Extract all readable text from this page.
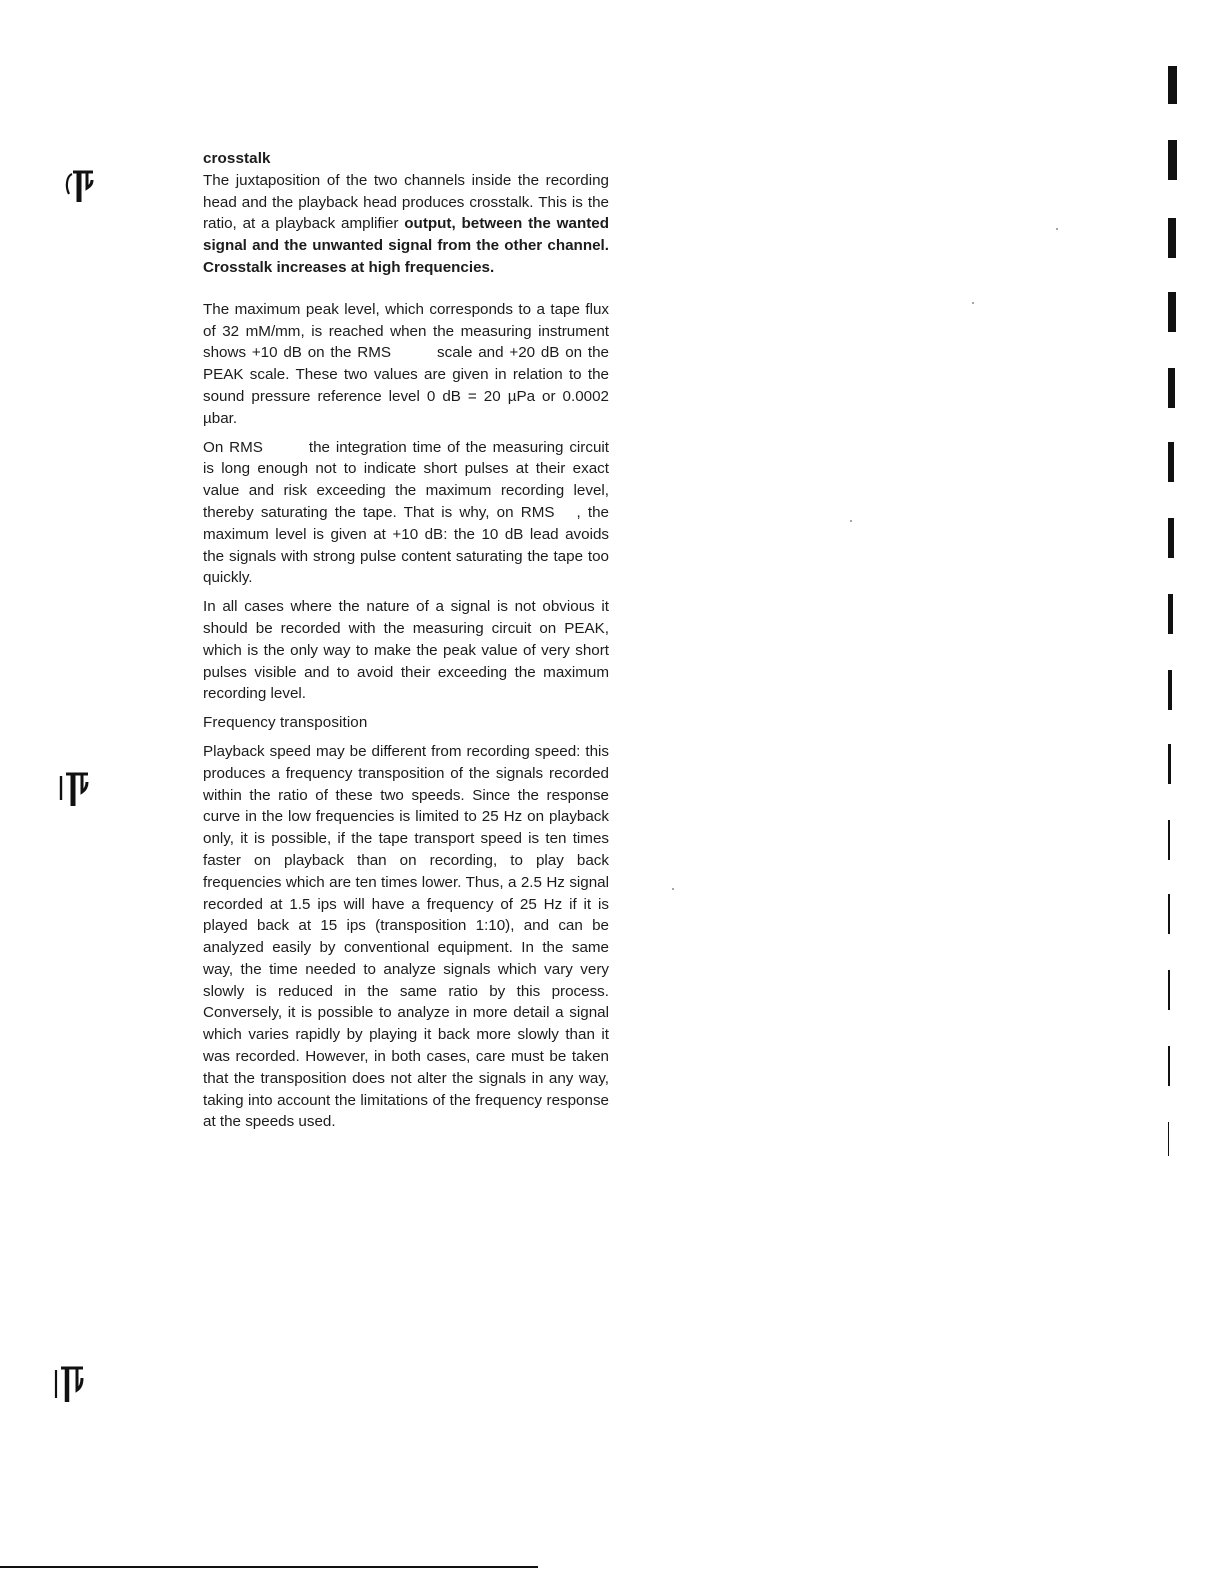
crosstalk

The juxtaposition of the two channels inside the recording head and the playback head produces crosstalk. This is the ratio, at a playback amplifier output, between the wanted signal and the unwanted signal from the other channel. Crosstalk increases at high frequencies.

The maximum peak level, which corresponds to a tape flux of 32 mM/mm, is reached when the measuring instrument shows +10 dB on the RMS	scale and +20 dB on the PEAK scale. These two values are given in relation to the sound pressure reference level 0 dB = 20 µPa or 0.0002 µbar.

On RMS	the integration time of the measuring circuit is long enough not to indicate short pulses at their exact value and risk exceeding the maximum recording level, thereby saturating the tape. That is why, on RMS , the maximum level is given at +10 dB: the 10 dB lead avoids the signals with strong pulse content saturating the tape too quickly.

In all cases where the nature of a signal is not obvious it should be recorded with the measuring circuit on PEAK, which is the only way to make the peak value of very short pulses visible and to avoid their exceeding the maximum recording level.

Frequency transposition

Playback speed may be different from recording speed: this produces a frequency transposition of the signals recorded within the ratio of these two speeds. Since the response curve in the low frequencies is limited to 25 Hz on playback only, it is possible, if the tape transport speed is ten times faster on playback than on recording, to play back frequencies which are ten times lower. Thus, a 2.5 Hz signal recorded at 1.5 ips will have a frequency of 25 Hz if it is played back at 15 ips (transposition 1:10), and can be analyzed easily by conventional equipment. In the same way, the time needed to analyze signals which vary very slowly is reduced in the same ratio by this process. Conversely, it is possible to analyze in more detail a signal which varies rapidly by playing it back more slowly than it was recorded. However, in both cases, care must be taken that the transposition does not alter the signals in any way, taking into account the limitations of the frequency response at the speeds used.
